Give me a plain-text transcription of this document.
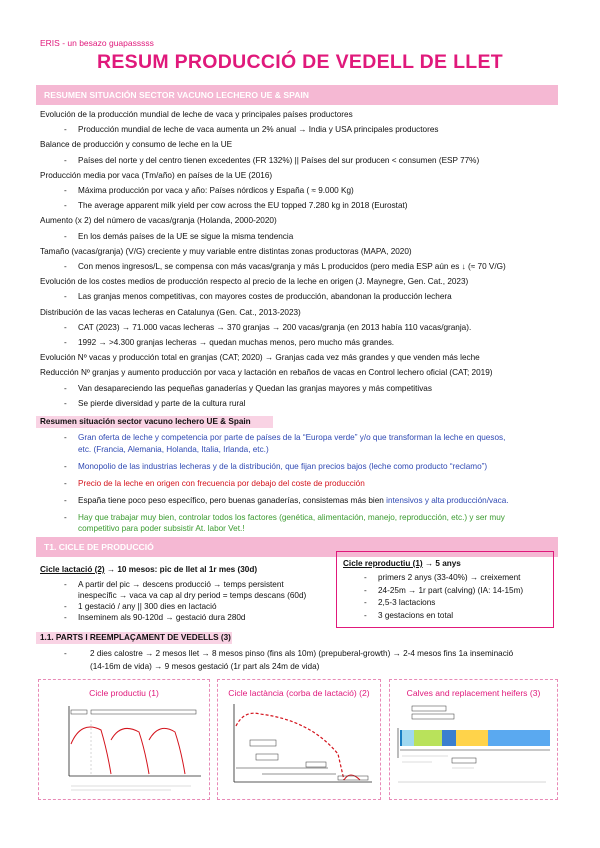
ERIS - un besazo guapasssss
RESUM PRODUCCIÓ DE VEDELL DE LLET
RESUMEN SITUACIÓN SECTOR VACUNO LECHERO UE & SPAIN
Evolución de la producción mundial de leche de vaca y principales países productores
- Producción mundial de leche de vaca aumenta un 2% anual → India y USA principales productores
Balance de producción y consumo de leche en la UE
- Países del norte y del centro tienen excedentes (FR 132%) || Países del sur producen < consumen (ESP 77%)
Producción media por vaca (Tm/año) en países de la UE (2016)
- Máxima producción por vaca y año: Países nórdicos y España ( ≈ 9.000 Kg)
- The average apparent milk yield per cow across the EU topped 7.280 kg in 2018 (Eurostat)
Aumento (x 2) del número de vacas/granja (Holanda, 2000-2020)
- En los demás países de la UE se sigue la misma tendencia
Tamaño (vacas/granja) (V/G) creciente y muy variable entre distintas zonas productoras (MAPA, 2020)
- Con menos ingresos/L, se compensa con más vacas/granja y más L producidos (pero media ESP aún es ↓ (≈ 70 V/G)
Evolución de los costes medios de producción respecto al precio de la leche en origen (J. Maynegre, Gen. Cat., 2023)
- Las granjas menos competitivas, con mayores costes de producción, abandonan la producción lechera
Distribución de las vacas lecheras en Catalunya (Gen. Cat., 2013-2023)
- CAT (2023) → 71.000 vacas lecheras → 370 granjas → 200 vacas/granja (en 2013 había 110 vacas/granja).
- 1992 → >4.300 granjas lecheras → quedan muchas menos, pero mucho más grandes.
Evolución Nº vacas y producción total en granjas (CAT; 2020) → Granjas cada vez más grandes y que venden más leche
Reducción Nº granjas y aumento producción por vaca y lactación en rebaños de vacas en Control lechero oficial (CAT; 2019)
- Van desapareciendo las pequeñas ganaderías y Quedan las granjas mayores y más competitivas
- Se pierde diversidad y parte de la cultura rural
Resumen situación sector vacuno lechero UE & Spain
- Gran oferta de leche y competencia por parte de países de la “Europa verde” y/o que transforman la leche en quesos,
etc. (Francia, Alemania, Holanda, Italia, Irlanda, etc.)
- Monopolio de las industrias lecheras y de la distribución, que fijan precios bajos (leche como producto “reclamo”)
- Precio de la leche en origen con frecuencia por debajo del coste de producción
- España tiene poco peso específico, pero buenas ganaderías, consistemas más bien intensivos y alta producción/vaca.
- Hay que trabajar muy bien, controlar todos los factores (genética, alimentación, manejo, reproducción, etc.) y ser muy
competitivo para poder subsistir At. labor Vet.!
T1. CICLE DE PRODUCCIÓ
Cicle lactació (2) → 10 mesos: pic de llet al 1r mes (30d)
- A partir del pic → descens producció → temps persistent
inespecífic → vaca va cap al dry period = temps descans (60d)
- 1 gestació / any || 300 dies en lactació
- Inseminem als 90-120d → gestació dura 280d
Cicle reproductiu (1) → 5 anys
- primers 2 anys (33-40%) → creixement
- 24-25m → 1r part (calving) (IA: 14-15m)
- 2,5-3 lactacions
- 3 gestacions en total
1.1. PARTS I REEMPLAÇAMENT DE VEDELLS (3)
-	2 dies calostre → 2 mesos llet → 8 mesos pinso (fins als 10m) (prepuberal-growth) → 2-4 mesos fins 1a inseminació
(14-16m de vida) → 9 mesos gestació (1r part als 24m de vida)
Cicle productiu (1)	Cicle lactància (corba de lactació) (2)	Calves and replacement heifers (3)
